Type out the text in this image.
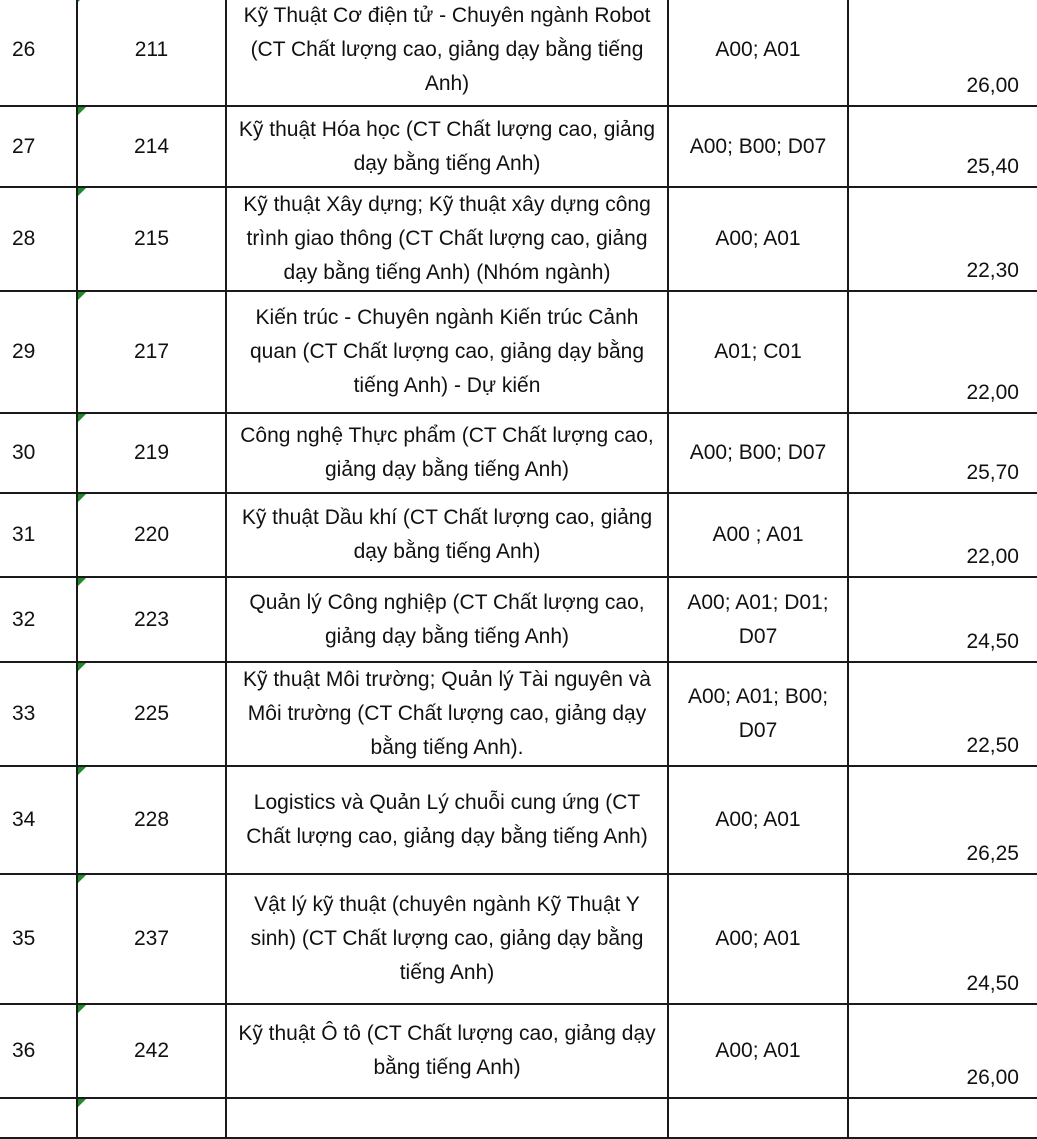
26	211	Kỹ Thuật Cơ điện tử - Chuyên ngành Robot (CT Chất lượng cao, giảng dạy bằng tiếng Anh)	A00; A01	26,00
27	214	Kỹ thuật Hóa học (CT Chất lượng cao, giảng dạy bằng tiếng Anh)	A00; B00; D07	25,40
28	215	Kỹ thuật Xây dựng; Kỹ thuật xây dựng công trình giao thông (CT Chất lượng cao, giảng dạy bằng tiếng Anh) (Nhóm ngành)	A00; A01	22,30
29	217	Kiến trúc - Chuyên ngành Kiến trúc Cảnh quan (CT Chất lượng cao, giảng dạy bằng tiếng Anh) - Dự kiến	A01; C01	22,00
30	219	Công nghệ Thực phẩm (CT Chất lượng cao, giảng dạy bằng tiếng Anh)	A00; B00; D07	25,70
31	220	Kỹ thuật Dầu khí (CT Chất lượng cao, giảng dạy bằng tiếng Anh)	A00 ; A01	22,00
32	223	Quản lý Công nghiệp (CT Chất lượng cao, giảng dạy bằng tiếng Anh)	A00; A01; D01; D07	24,50
33	225	Kỹ thuật Môi trường; Quản lý Tài nguyên và Môi trường (CT Chất lượng cao, giảng dạy bằng tiếng Anh).	A00; A01; B00; D07	22,50
34	228	Logistics và Quản Lý chuỗi cung ứng (CT Chất lượng cao, giảng dạy bằng tiếng Anh)	A00; A01	26,25
35	237	Vật lý kỹ thuật (chuyên ngành Kỹ Thuật Y sinh) (CT Chất lượng cao, giảng dạy bằng tiếng Anh)	A00; A01	24,50
36	242	Kỹ thuật Ô tô (CT Chất lượng cao, giảng dạy bằng tiếng Anh)	A00; A01	26,00
